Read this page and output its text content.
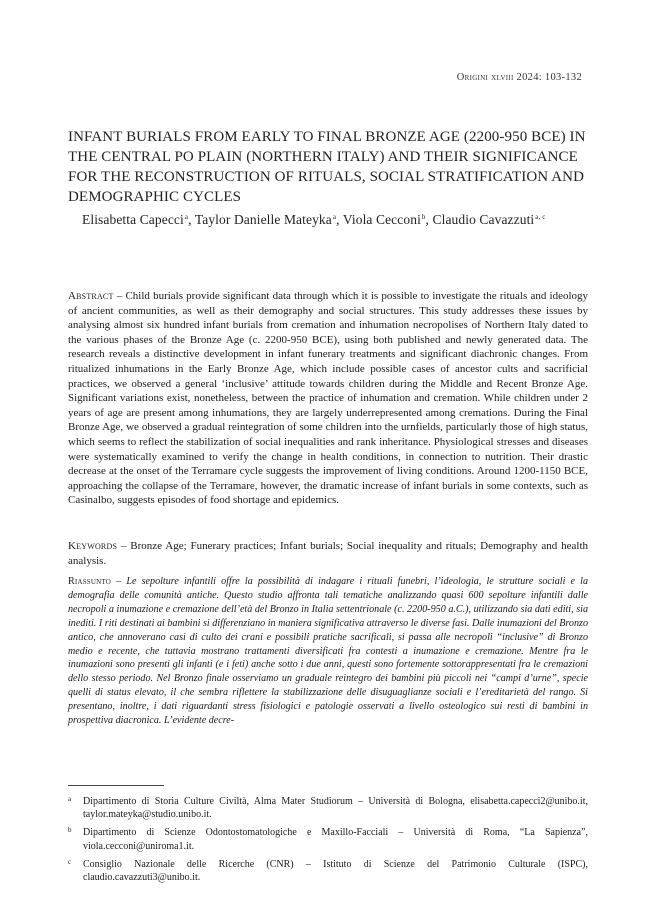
Origini xlviii 2024: 103-132
INFANT BURIALS FROM EARLY TO FINAL BRONZE AGE (2200-950 BCE) IN THE CENTRAL PO PLAIN (NORTHERN ITALY) AND THEIR SIGNIFICANCE FOR THE RECONSTRUCTION OF RITUALS, SOCIAL STRATIFICATION AND DEMOGRAPHIC CYCLES
Elisabetta Capecci$^a$, Taylor Danielle Mateyka$^a$, Viola Cecconi$^b$, Claudio Cavazzuti$^{a, c}$

Abstract – Child burials provide significant data through which it is possible to investigate the rituals and ideology of ancient communities, as well as their demography and social structures. This study addresses these issues by analysing almost six hundred infant burials from cremation and inhumation necropolises of Northern Italy dated to the various phases of the Bronze Age (c. 2200-950 BCE), using both published and newly generated data. The research reveals a distinctive development in infant funerary treatments and significant diachronic changes. From ritualized inhumations in the Early Bronze Age, which include possible cases of ancestor cults and sacrificial practices, we observed a general ‘inclusive’ attitude towards children during the Middle and Recent Bronze Age. Significant variations exist, nonetheless, between the practice of inhumation and cremation. While children under 2 years of age are present among inhumations, they are largely underrepresented among cremations. During the Final Bronze Age, we observed a gradual reintegration of some children into the urnfields, particularly those of high status, which seems to reflect the stabilization of social inequalities and rank inheritance. Physiological stresses and diseases were systematically examined to verify the change in health conditions, in connection to nutrition. Their drastic decrease at the onset of the Terramare cycle suggests the improvement of living conditions. Around 1200-1150 BCE, approaching the collapse of the Terramare, however, the dramatic increase of infant burials in some contexts, such as Casinalbo, suggests episodes of food shortage and epidemics.

Keywords – Bronze Age; Funerary practices; Infant burials; Social inequality and rituals; Demography and health analysis.

Riassunto – Le sepolture infantili offre la possibilità di indagare i rituali funebri, l’ideologia, le strutture sociali e la demografia delle comunità antiche. Questo studio affronta tali tematiche analizzando quasi 600 sepolture infantili dalle necropoli a inumazione e cremazione dell’età del Bronzo in Italia settentrionale (c. 2200-950 a.C.), utilizzando sia dati editi, sia inediti. I riti destinati ai bambini si differenziano in maniera significativa attraverso le diverse fasi. Dalle inumazioni del Bronzo antico, che annoverano casi di culto dei crani e possibili pratiche sacrificali, si passa alle necropoli “inclusive” di Bronzo medio e recente, che tuttavia mostrano trattamenti diversificati fra contesti a inumazione e cremazione. Mentre fra le inumazioni sono presenti gli infanti (e i feti) anche sotto i due anni, questi sono fortemente sottorappresentati fra le cremazioni dello stesso periodo. Nel Bronzo finale osserviamo un graduale reintegro dei bambini più piccoli nei “campi d’urne”, specie quelli di status elevato, il che sembra riflettere la stabilizzazione delle disuguaglianze sociali e l’ereditarietà del rango. Si presentano, inoltre, i dati riguardanti stress fisiologici e patologie osservati a livello osteologico sui resti di bambini in prospettiva diacronica. L’evidente decre-

a Dipartimento di Storia Culture Civiltà, Alma Mater Studiorum – Università di Bologna, elisabetta.capecci2@unibo.it, taylor.mateyka@studio.unibo.it.
b Dipartimento di Scienze Odontostomatologiche e Maxillo-Facciali – Università di Roma, “La Sapienza”, viola.cecconi@uniroma1.it.
c Consiglio Nazionale delle Ricerche (CNR) – Istituto di Scienze del Patrimonio Culturale (ISPC), claudio.cavazzuti3@unibo.it.
